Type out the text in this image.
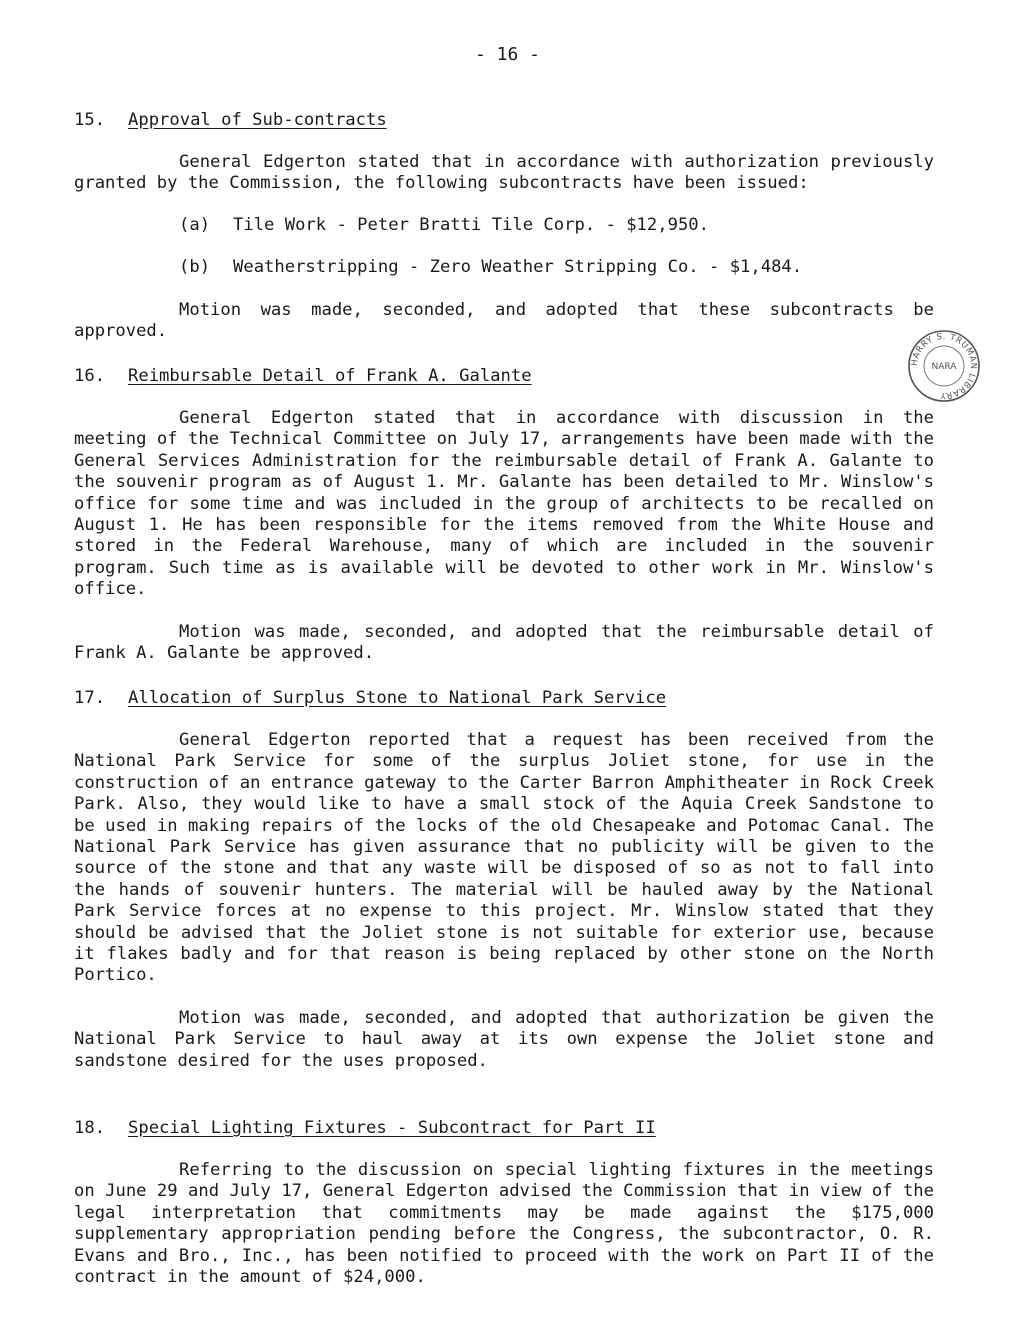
- 16 -
15. Approval of Sub-contracts

General Edgerton stated that in accordance with authorization previously granted by the Commission, the following subcontracts have been issued:

(a) Tile Work - Peter Bratti Tile Corp. - $12,950.

(b) Weatherstripping - Zero Weather Stripping Co. - $1,484.

Motion was made, seconded, and adopted that these subcontracts be approved.

16. Reimbursable Detail of Frank A. Galante

General Edgerton stated that in accordance with discussion in the meeting of the Technical Committee on July 17, arrangements have been made with the General Services Administration for the reimbursable detail of Frank A. Galante to the souvenir program as of August 1. Mr. Galante has been detailed to Mr. Winslow's office for some time and was included in the group of architects to be recalled on August 1. He has been responsible for the items removed from the White House and stored in the Federal Warehouse, many of which are included in the souvenir program. Such time as is available will be devoted to other work in Mr. Winslow's office.

Motion was made, seconded, and adopted that the reimbursable detail of Frank A. Galante be approved.

17. Allocation of Surplus Stone to National Park Service

General Edgerton reported that a request has been received from the National Park Service for some of the surplus Joliet stone, for use in the construction of an entrance gateway to the Carter Barron Amphitheater in Rock Creek Park. Also, they would like to have a small stock of the Aquia Creek Sandstone to be used in making repairs of the locks of the old Chesapeake and Potomac Canal. The National Park Service has given assurance that no publicity will be given to the source of the stone and that any waste will be disposed of so as not to fall into the hands of souvenir hunters. The material will be hauled away by the National Park Service forces at no expense to this project. Mr. Winslow stated that they should be advised that the Joliet stone is not suitable for exterior use, because it flakes badly and for that reason is being replaced by other stone on the North Portico.

Motion was made, seconded, and adopted that authorization be given the National Park Service to haul away at its own expense the Joliet stone and sandstone desired for the uses proposed.

18. Special Lighting Fixtures - Subcontract for Part II

Referring to the discussion on special lighting fixtures in the meetings on June 29 and July 17, General Edgerton advised the Commission that in view of the legal interpretation that commitments may be made against the $175,000 supplementary appropriation pending before the Congress, the subcontractor, O. R. Evans and Bro., Inc., has been notified to proceed with the work on Part II of the contract in the amount of $24,000.

HARRY S. TRUMAN LIBRARY
NARA
